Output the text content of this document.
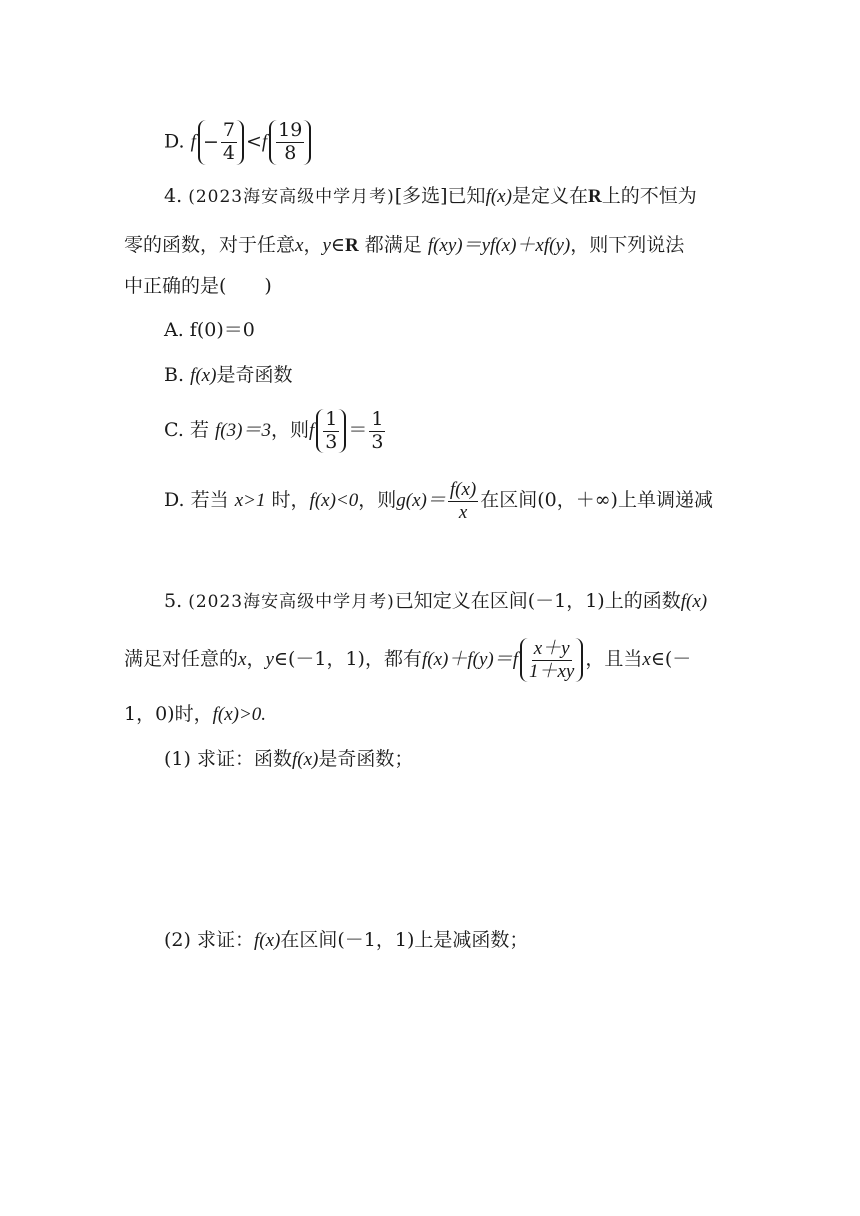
D. $f - \frac{7}{4} <f \frac{19}{8}$
4. (2023海安高级中学月考)[多选]已知f(x)是定义在R上的不恒为
零的函数，对于任意x，y∈R 都满足 f(xy)＝yf(x)＋xf(y)，则下列说法
中正确的是(　　)
A. f(0)＝0
B. f(x)是奇函数
C. 若 f(3)＝3，则f $\frac{1}{3} = \frac{1}{3}$
D. 若当 x>1 时，f(x)<0，则$g(x)= \frac{f(x)}{x}$ 在区间(0，＋∞)上单调递减
5. (2023海安高级中学月考)已知定义在区间(－1，1)上的函数f(x)
满足对任意的x，y∈(－1，1)，都有$f(x)+f(y)=f \frac{x+y}{1+xy}$ ，且当x∈(－
1，0)时，f(x)>0.
(1) 求证：函数f(x)是奇函数；
(2) 求证：f(x)在区间(－1，1)上是减函数；
